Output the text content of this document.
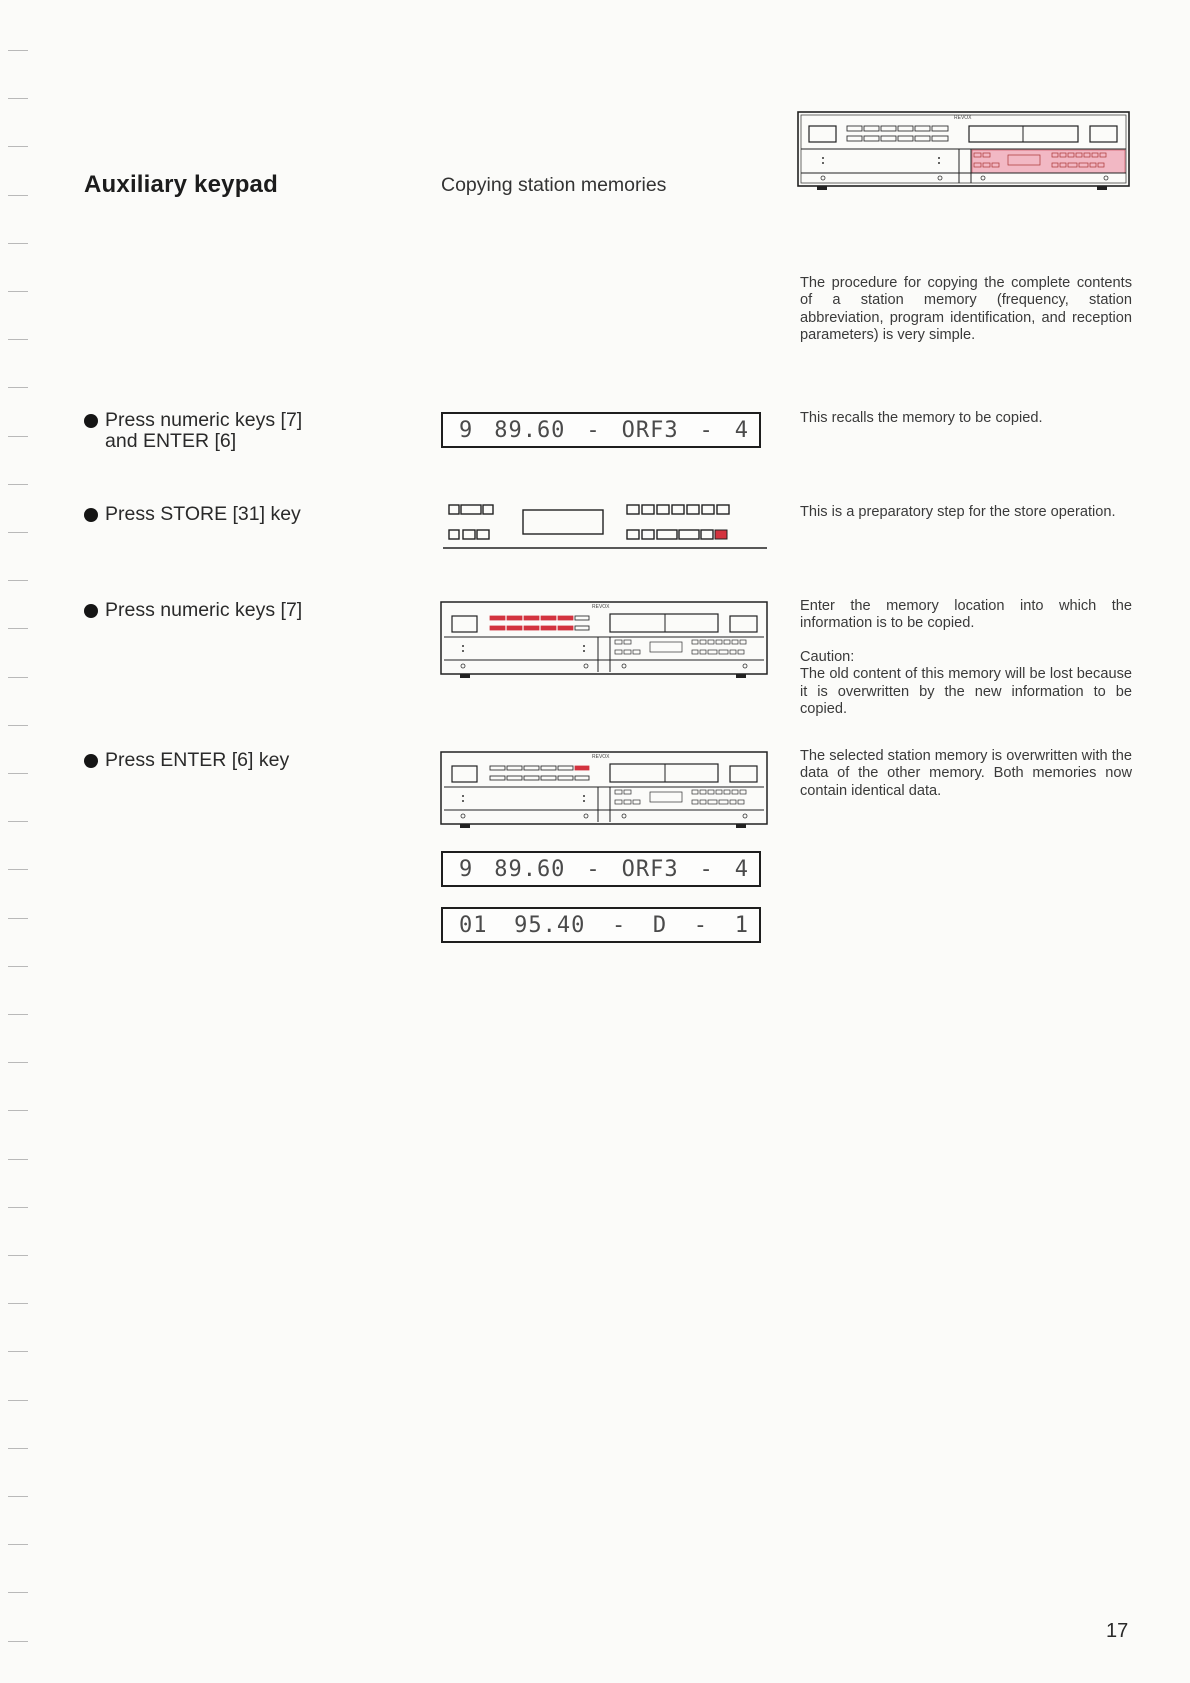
Auxiliary keypad	Copying station memories
REVOX
The procedure for copying the complete contents of a station memory (frequency, station abbreviation, program identification, and reception parameters) is very simple.
Press numeric keys [7]
and ENTER [6]	9 89.60 - ORF3 - 4	This recalls the memory to be copied.
Press STORE [31] key	This is a preparatory step for the store operation.
Press numeric keys [7]	REVOX	Enter the memory location into which the information is to be copied.

Caution:

The old content of this memory will be lost because it is overwritten by the new information to be copied.

Press ENTER [6] key	REVOX	The selected station memory is overwritten with the data of the other memory. Both memories now contain identical data.
9 89.60 - ORF3 - 4
01 95.40 - D - 1
17
